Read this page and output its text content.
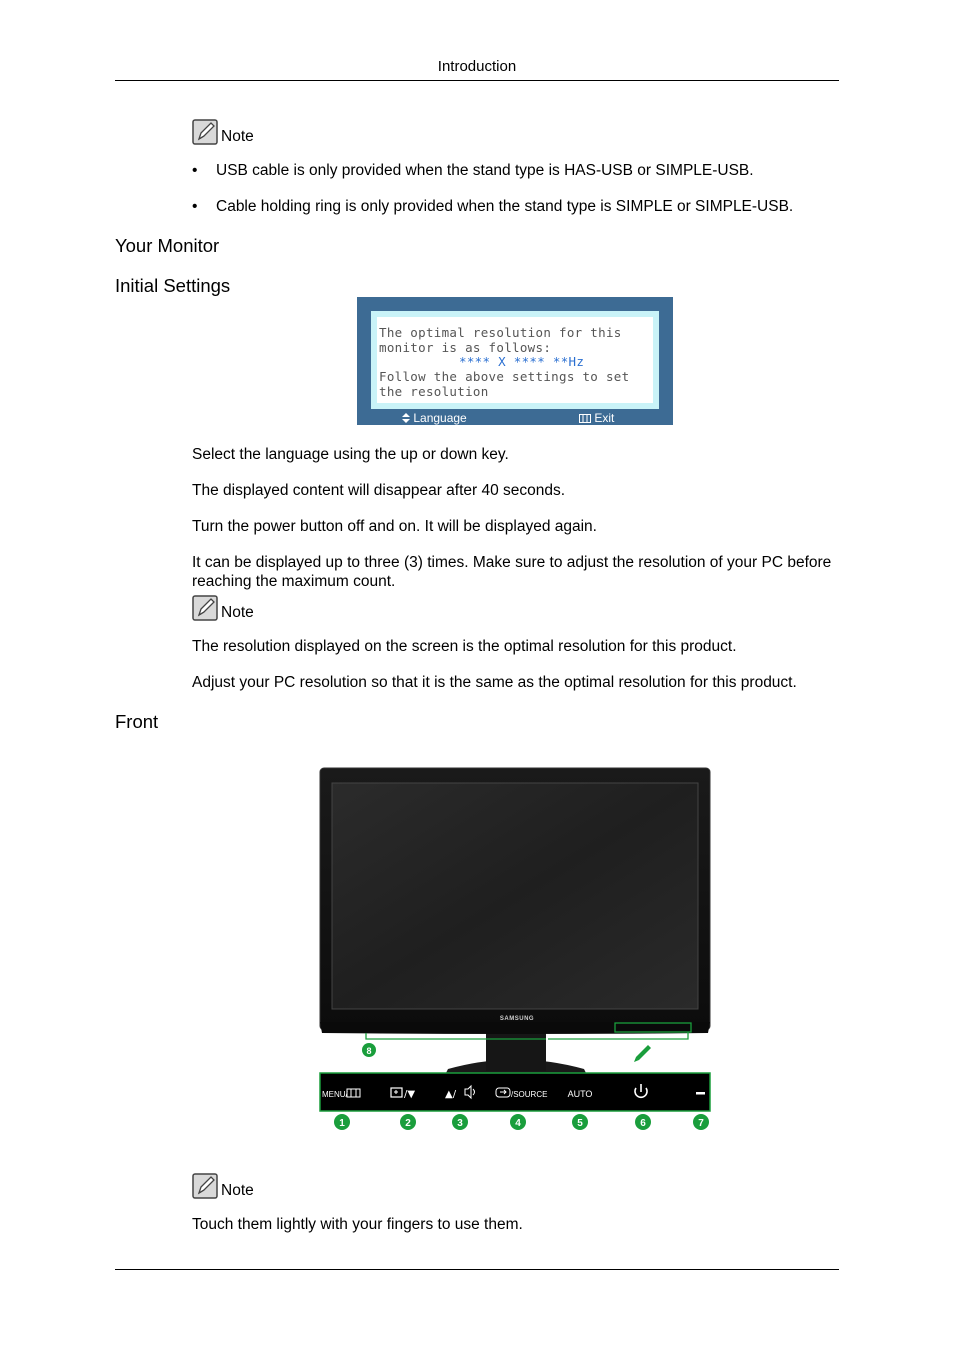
Introduction
Note
•	USB cable is only provided when the stand type is HAS-USB or SIMPLE-USB.
•	Cable holding ring is only provided when the stand type is SIMPLE or SIMPLE-USB.
Your Monitor
Initial Settings
The optimal resolution for this
monitor is as follows:
**** X **** **Hz
Follow the above settings to set
the resolution
Language	Exit
Select the language using the up or down key.
The displayed content will disappear after 40 seconds.
Turn the power button off and on. It will be displayed again.
It can be displayed up to three (3) times. Make sure to adjust the resolution of your PC before reaching the maximum count.
Note
The resolution displayed on the screen is the optimal resolution for this product.
Adjust your PC resolution so that it is the same as the optimal resolution for this product.
Front
SAMSUNG
8
MENU/	/▼	▲/	/SOURCE AUTO
1	2	3	4	5	6	7
Note
Touch them lightly with your fingers to use them.
